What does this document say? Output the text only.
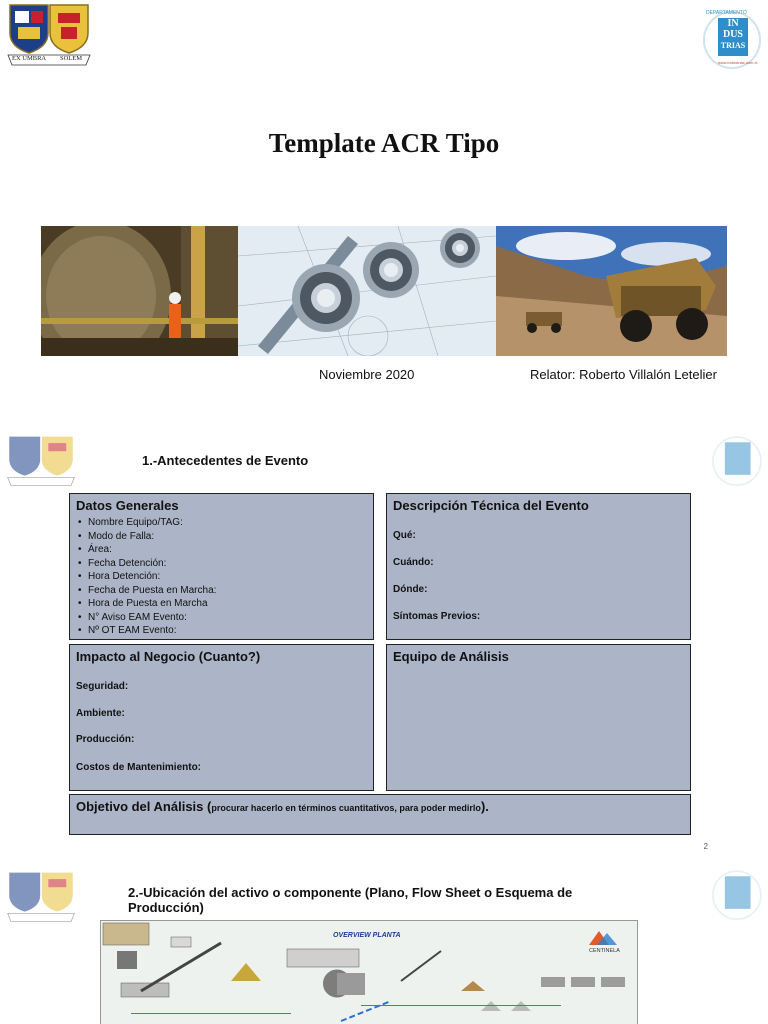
EX UMBRA SOLEM
DEPARTAMENTO
IN
DUS
TRIAS
www.industrias.usm.cl
Template ACR Tipo
Noviembre 2020	Relator: Roberto Villalón Letelier
1.-Antecedentes de Evento
Datos Generales
• Nombre Equipo/TAG:
• Modo de Falla:
• Área:
• Fecha Detención:
• Hora Detención:
• Fecha de Puesta en Marcha:
• Hora de Puesta en Marcha
• N° Aviso EAM Evento:
• Nº OT EAM Evento:
Descripción Técnica del Evento
Qué:
Cuándo:
Dónde:
Síntomas Previos:
Impacto al Negocio (Cuanto?)
Seguridad:
Ambiente:
Producción:
Costos de Mantenimiento:
Equipo de Análisis
Objetivo del Análisis (procurar hacerlo en términos cuantitativos, para poder medirlo).
2
2.-Ubicación del activo o componente (Plano, Flow Sheet o Esquema de
Producción)
OVERVIEW PLANTA
CENTINELA
